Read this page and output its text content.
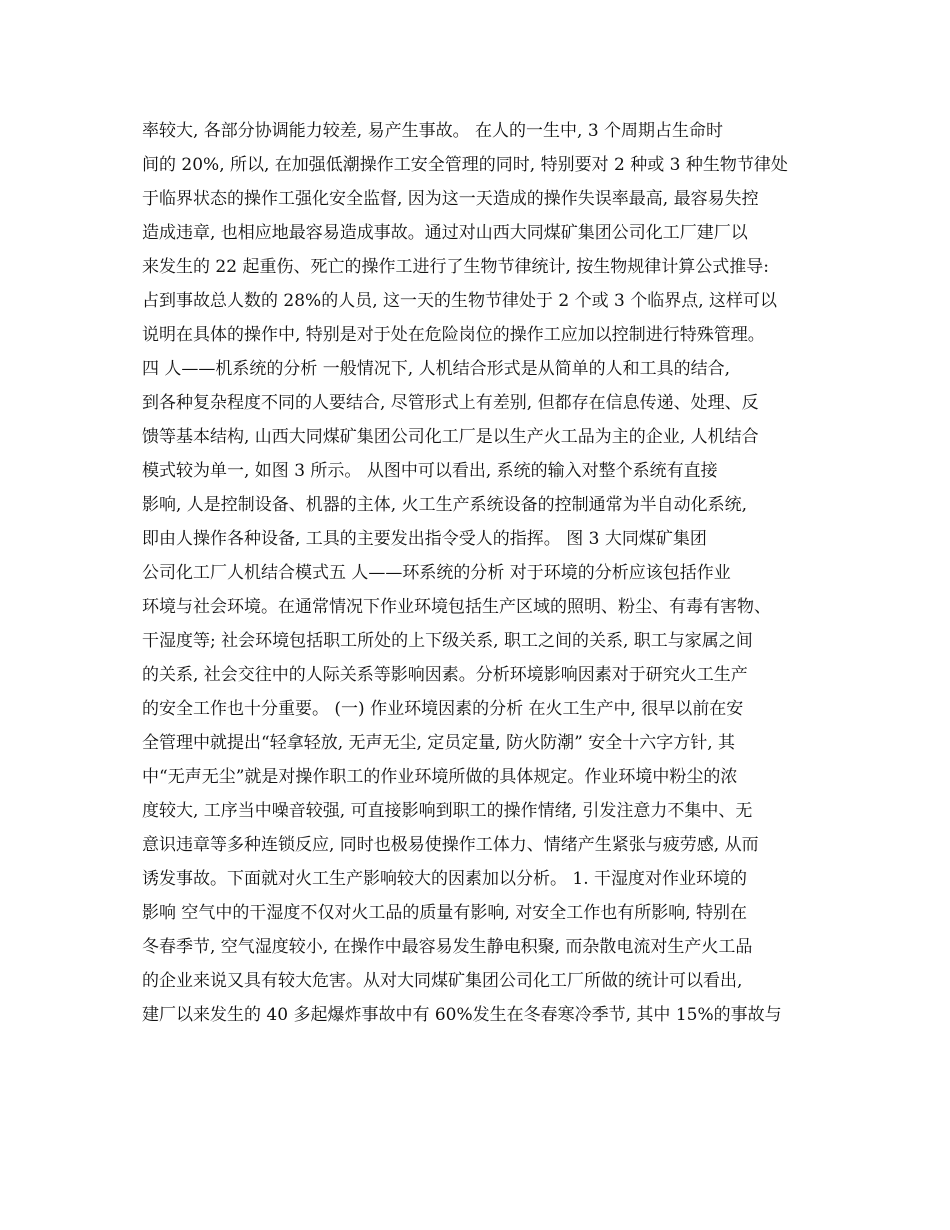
率较大, 各部分协调能力较差, 易产生事故。 在人的一生中, 3 个周期占生命时
间的 20%, 所以, 在加强低潮操作工安全管理的同时, 特别要对 2 种或 3 种生物节律处
于临界状态的操作工强化安全监督, 因为这一天造成的操作失误率最高, 最容易失控
造成违章, 也相应地最容易造成事故。通过对山西大同煤矿集团公司化工厂建厂以
来发生的 22 起重伤、死亡的操作工进行了生物节律统计, 按生物规律计算公式推导:
占到事故总人数的 28%的人员, 这一天的生物节律处于 2 个或 3 个临界点, 这样可以
说明在具体的操作中, 特别是对于处在危险岗位的操作工应加以控制进行特殊管理。
四 人——机系统的分析 一般情况下, 人机结合形式是从简单的人和工具的结合,
到各种复杂程度不同的人要结合, 尽管形式上有差别, 但都存在信息传递、处理、反
馈等基本结构, 山西大同煤矿集团公司化工厂是以生产火工品为主的企业, 人机结合
模式较为单一, 如图 3 所示。 从图中可以看出, 系统的输入对整个系统有直接
影响, 人是控制设备、机器的主体, 火工生产系统设备的控制通常为半自动化系统,
即由人操作各种设备, 工具的主要发出指令受人的指挥。 图 3 大同煤矿集团
公司化工厂人机结合模式五 人——环系统的分析 对于环境的分析应该包括作业
环境与社会环境。在通常情况下作业环境包括生产区域的照明、粉尘、有毒有害物、
干湿度等; 社会环境包括职工所处的上下级关系, 职工之间的关系, 职工与家属之间
的关系, 社会交往中的人际关系等影响因素。分析环境影响因素对于研究火工生产
的安全工作也十分重要。 (一) 作业环境因素的分析 在火工生产中, 很早以前在安
全管理中就提出“轻拿轻放, 无声无尘, 定员定量, 防火防潮” 安全十六字方针, 其
中“无声无尘”就是对操作职工的作业环境所做的具体规定。作业环境中粉尘的浓
度较大, 工序当中噪音较强, 可直接影响到职工的操作情绪, 引发注意力不集中、无
意识违章等多种连锁反应, 同时也极易使操作工体力、情绪产生紧张与疲劳感, 从而
诱发事故。下面就对火工生产影响较大的因素加以分析。 1. 干湿度对作业环境的
影响 空气中的干湿度不仅对火工品的质量有影响, 对安全工作也有所影响, 特别在
冬春季节, 空气湿度较小, 在操作中最容易发生静电积聚, 而杂散电流对生产火工品
的企业来说又具有较大危害。从对大同煤矿集团公司化工厂所做的统计可以看出,
建厂以来发生的 40 多起爆炸事故中有 60%发生在冬春寒冷季节, 其中 15%的事故与
